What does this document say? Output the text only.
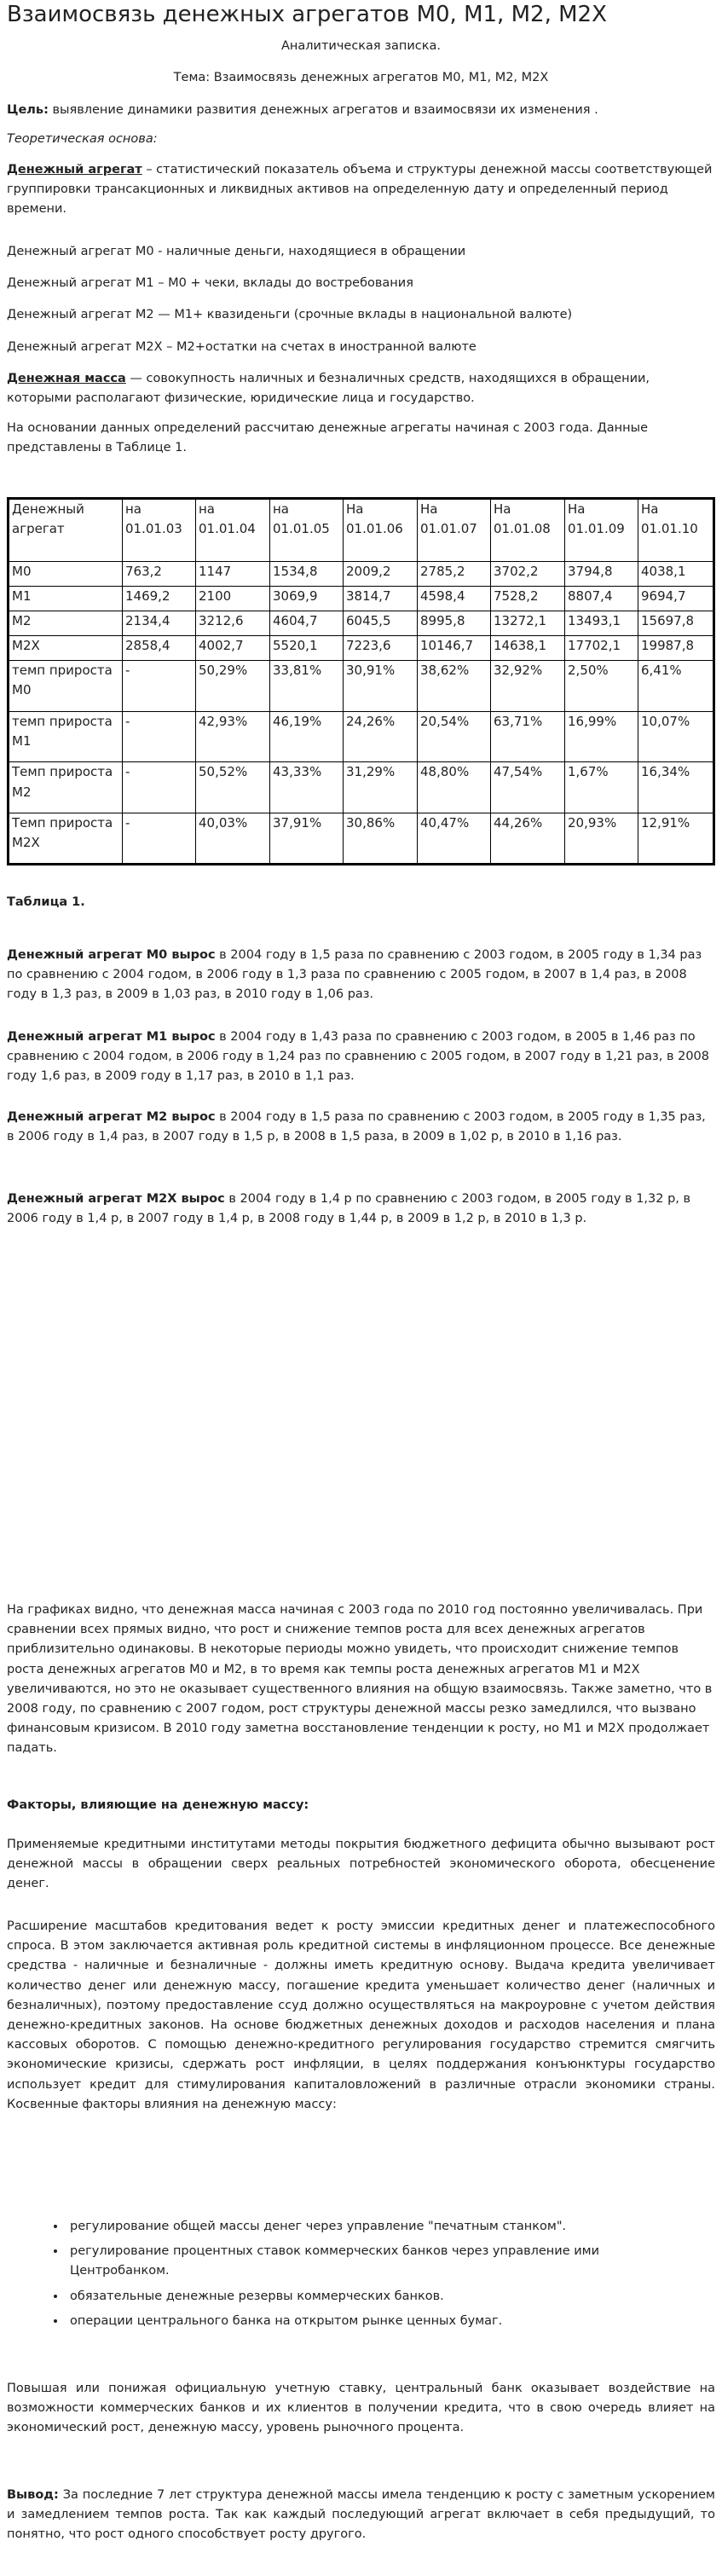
Взаимосвязь денежных агрегатов М0, М1, М2, М2Х
Аналитическая записка.
Тема: Взаимосвязь денежных агрегатов М0, М1, М2, М2Х
Цель: выявление динамики развития денежных агрегатов и взаимосвязи их изменения .
Теоретическая основа:
Денежный агрегат – статистический показатель объема и структуры денежной массы соответствующей группировки трансакционных и ликвидных активов на определенную дату и определенный период времени.
Денежный агрегат М0 - наличные деньги, находящиеся в обращении
Денежный агрегат М1 – М0 + чеки, вклады до востребования
Денежный агрегат М2 — М1+ квазиденьги (срочные вклады в национальной валюте)
Денежный агрегат М2Х – М2+остатки на счетах в иностранной валюте
Денежная масса — совокупность наличных и безналичных средств, находящихся в обращении, которыми располагают физические, юридические лица и государство.
На основании данных определений рассчитаю денежные агрегаты начиная с 2003 года. Данные представлены в Таблице 1.
Денежный агрегат	на 01.01.03	на 01.01.04	на 01.01.05	На 01.01.06	На 01.01.07	На 01.01.08	На 01.01.09	На 01.01.10
М0	763,2	1147	1534,8	2009,2	2785,2	3702,2	3794,8	4038,1
М1	1469,2	2100	3069,9	3814,7	4598,4	7528,2	8807,4	9694,7
М2	2134,4	3212,6	4604,7	6045,5	8995,8	13272,1	13493,1	15697,8
М2Х	2858,4	4002,7	5520,1	7223,6	10146,7	14638,1	17702,1	19987,8
темп прироста М0	-	50,29%	33,81%	30,91%	38,62%	32,92%	2,50%	6,41%
темп прироста М1	-	42,93%	46,19%	24,26%	20,54%	63,71%	16,99%	10,07%
Темп прироста М2	-	50,52%	43,33%	31,29%	48,80%	47,54%	1,67%	16,34%
Темп прироста М2Х	-	40,03%	37,91%	30,86%	40,47%	44,26%	20,93%	12,91%
Таблица 1.
Денежный агрегат М0 вырос в 2004 году в 1,5 раза по сравнению с 2003 годом, в 2005 году в 1,34 раз по сравнению с 2004 годом, в 2006 году в 1,3 раза по сравнению с 2005 годом, в 2007 в 1,4 раз, в 2008 году в 1,3 раз, в 2009 в 1,03 раз, в 2010 году в 1,06 раз.
Денежный агрегат М1 вырос в 2004 году в 1,43 раза по сравнению с 2003 годом, в 2005 в 1,46 раз по сравнению с 2004 годом, в 2006 году в 1,24 раз по сравнению с 2005 годом, в 2007 году в 1,21 раз, в 2008 году 1,6 раз, в 2009 году в 1,17 раз, в 2010 в 1,1 раз.
Денежный агрегат М2 вырос в 2004 году в 1,5 раза по сравнению с 2003 годом, в 2005 году в 1,35 раз, в 2006 году в 1,4 раз, в 2007 году в 1,5 р, в 2008 в 1,5 раза, в 2009 в 1,02 р, в 2010 в 1,16 раз.
Денежный агрегат М2Х вырос в 2004 году в 1,4 р по сравнению с 2003 годом, в 2005 году в 1,32 р, в 2006 году в 1,4 р, в 2007 году в 1,4 р, в 2008 году в 1,44 р, в 2009 в 1,2 р, в 2010 в 1,3 р.
На графиках видно, что денежная масса начиная с 2003 года по 2010 год постоянно увеличивалась. При сравнении всех прямых видно, что рост и снижение темпов роста для всех денежных агрегатов приблизительно одинаковы. В некоторые периоды можно увидеть, что происходит снижение темпов роста денежных агрегатов М0 и М2, в то время как темпы роста денежных агрегатов М1 и М2Х увеличиваются, но это не оказывает существенного влияния на общую взаимосвязь. Также заметно, что в 2008 году, по сравнению с 2007 годом, рост структуры денежной массы резко замедлился, что вызвано финансовым кризисом. В 2010 году заметна восстановление тенденции к росту, но М1 и М2Х продолжает падать.
Факторы, влияющие на денежную массу:
Применяемые кредитными институтами методы покрытия бюджетного дефицита обычно вызывают рост денежной массы в обращении сверх реальных потребностей экономического оборота, обесценение денег.
Расширение масштабов кредитования ведет к росту эмиссии кредитных денег и платежеспособного спроса. В этом заключается активная роль кредитной системы в инфляционном процессе. Все денежные средства - наличные и безналичные - должны иметь кредитную основу. Выдача кредита увеличивает количество денег или денежную массу, погашение кредита уменьшает количество денег (наличных и безналичных), поэтому предоставление ссуд должно осуществляться на макроуровне с учетом действия денежно-кредитных законов. На основе бюджетных денежных доходов и расходов населения и плана кассовых оборотов. С помощью денежно-кредитного регулирования государство стремится смягчить экономические кризисы, сдержать рост инфляции, в целях поддержания конъюнктуры государство использует кредит для стимулирования капиталовложений в различные отрасли экономики страны. Косвенные факторы влияния на денежную массу:
• регулирование общей массы денег через управление "печатным станком".
• регулирование процентных ставок коммерческих банков через управление ими Центробанком.
• обязательные денежные резервы коммерческих банков.
• операции центрального банка на открытом рынке ценных бумаг.
Повышая или понижая официальную учетную ставку, центральный банк оказывает воздействие на возможности коммерческих банков и их клиентов в получении кредита, что в свою очередь влияет на экономический рост, денежную массу, уровень рыночного процента.
Вывод: За последние 7 лет структура денежной массы имела тенденцию к росту с заметным ускорением и замедлением темпов роста. Так как каждый последующий агрегат включает в себя предыдущий, то понятно, что рост одного способствует росту другого.
